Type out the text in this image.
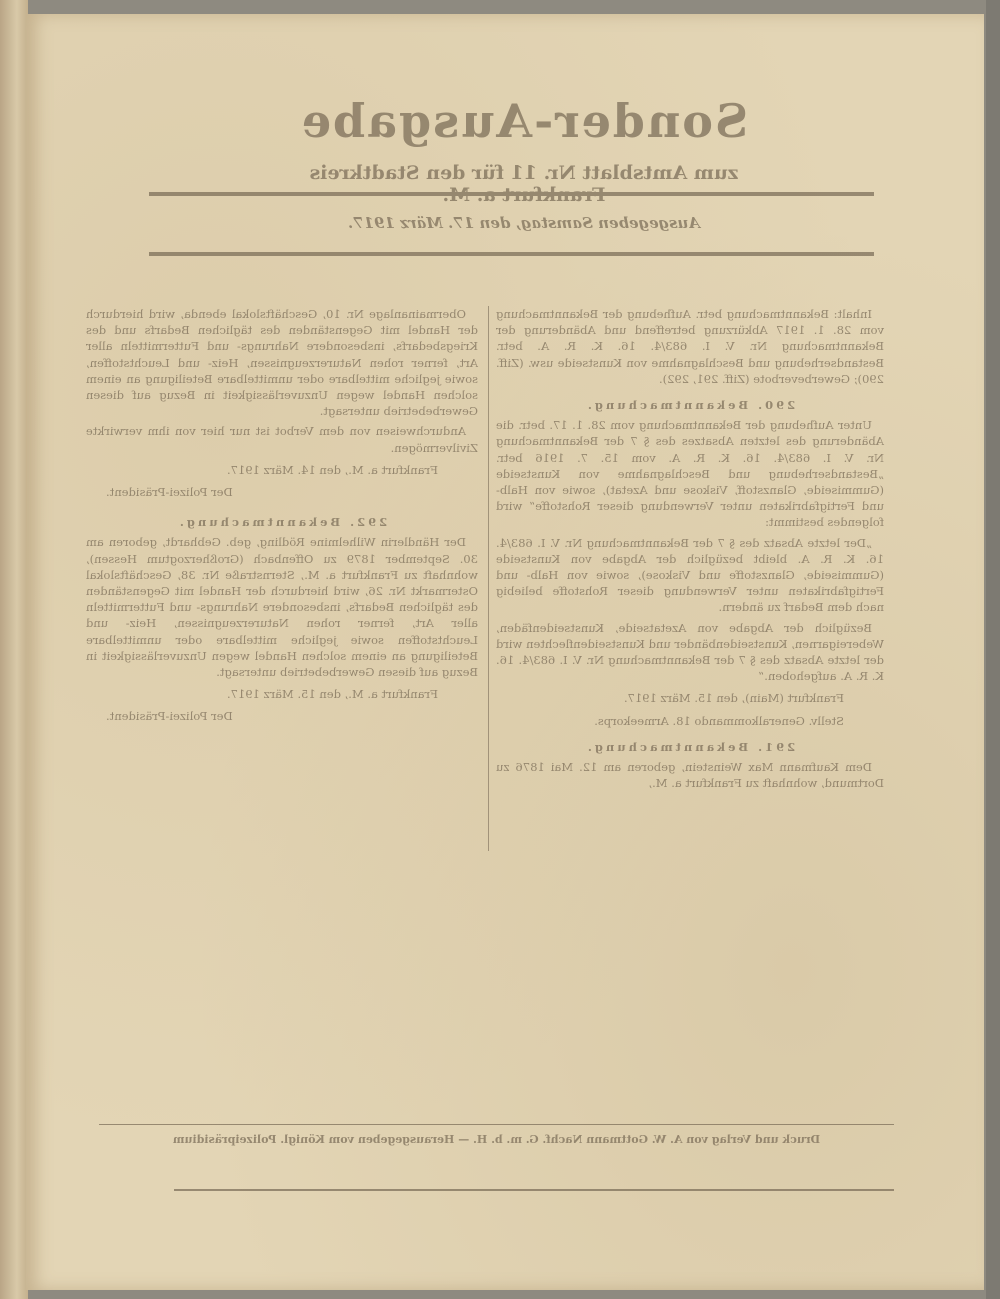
Sonder-Ausgabe
zum Amtsblatt Nr. 11 für den Stadtkreis
Ausgegeben Samstag, den 17. März 1917.

Inhalt: Bekanntmachung betr. Aufhebung der Bekanntmachung vom 28. 1. 1917 Abkürzung betreffend und Abänderung der Bekanntmachung Nr. V. I. 683/4. 16. K. R. A. betr. Bestandserhebung und Beschlagnahme von Kunstseide usw. (Ziff. 290); Gewerbeverbote (Ziff. 291, 292).

290. Bekanntmachung.

Unter Aufhebung der Bekanntmachung vom 28. 1. 17. betr. die Abänderung des letzten Absatzes des § 7 der Bekanntmachung Nr. V. I. 683/4. 16. K. R. A. vom 15. 7. 1916 betr. „Bestandserhebung und Beschlagnahme von Kunstseide (Gummiseide, Glanzstoff, Viskose und Azetat), sowie von Halb- und Fertigfabrikaten unter Verwendung dieser Rohstoffe“ wird folgendes bestimmt:

„Der letzte Absatz des § 7 der Bekanntmachung Nr. V. I. 683/4. 16. K. R. A. bleibt bezüglich der Abgabe von Kunstseide (Gummiseide, Glanzstoffe und Viskose), sowie von Halb- und Fertigfabrikaten unter Verwendung dieser Rohstoffe beliebig nach dem Bedarf zu ändern.

Bezüglich der Abgabe von Azetatseide, Kunstseidenfäden, Webereigarnen, Kunstseidenbänder und Kunstseidenflechten wird der letzte Absatz des § 7 der Bekanntmachung Nr. V. I. 683/4. 16. K. R. A. aufgehoben.“

Frankfurt (Main), den 15. März 1917.

Stellv. Generalkommando 18. Armeekorps.

291. Bekanntmachung.

Dem Kaufmann Max Weinstein, geboren am 12. Mai 1876 zu Dortmund, wohnhaft zu Frankfurt a. M.,

Obermainanlage Nr. 10, Geschäftslokal ebenda, wird hierdurch der Handel mit Gegenständen des täglichen Bedarfs und des Kriegsbedarfs, insbesondere Nahrungs- und Futtermitteln aller Art, ferner rohen Naturerzeugnissen, Heiz- und Leuchtstoffen, sowie jegliche mittelbare oder unmittelbare Beteiligung an einem solchen Handel wegen Unzuverlässigkeit in Bezug auf diesen Gewerbebetrieb untersagt.

Andurchweisen von dem Verbot ist nur hier von ihm verwirkte Zivilvermögen.

Frankfurt a. M., den 14. März 1917.

Der Polizei-Präsident.

292. Bekanntmachung.

Der Händlerin Wilhelmine Rödling, geb. Gebhardt, geboren am 30. September 1879 zu Offenbach (Großherzogtum Hessen), wohnhaft zu Frankfurt a. M., Sternstraße Nr. 38, Geschäftslokal Ostermarkt Nr. 26, wird hierdurch der Handel mit Gegenständen des täglichen Bedarfs, insbesondere Nahrungs- und Futtermitteln aller Art, ferner rohen Naturerzeugnissen, Heiz- und Leuchtstoffen sowie jegliche mittelbare oder unmittelbare Beteiligung an einem solchen Handel wegen Unzuverlässigkeit in Bezug auf diesen Gewerbebetrieb untersagt.

Frankfurt a. M., den 15. März 1917.

Der Polizei-Präsident.

Druck und Verlag von A. W. Gottmann Nachf. G. m. b. H. — Herausgegeben vom Königl. Polizeipräsidium
